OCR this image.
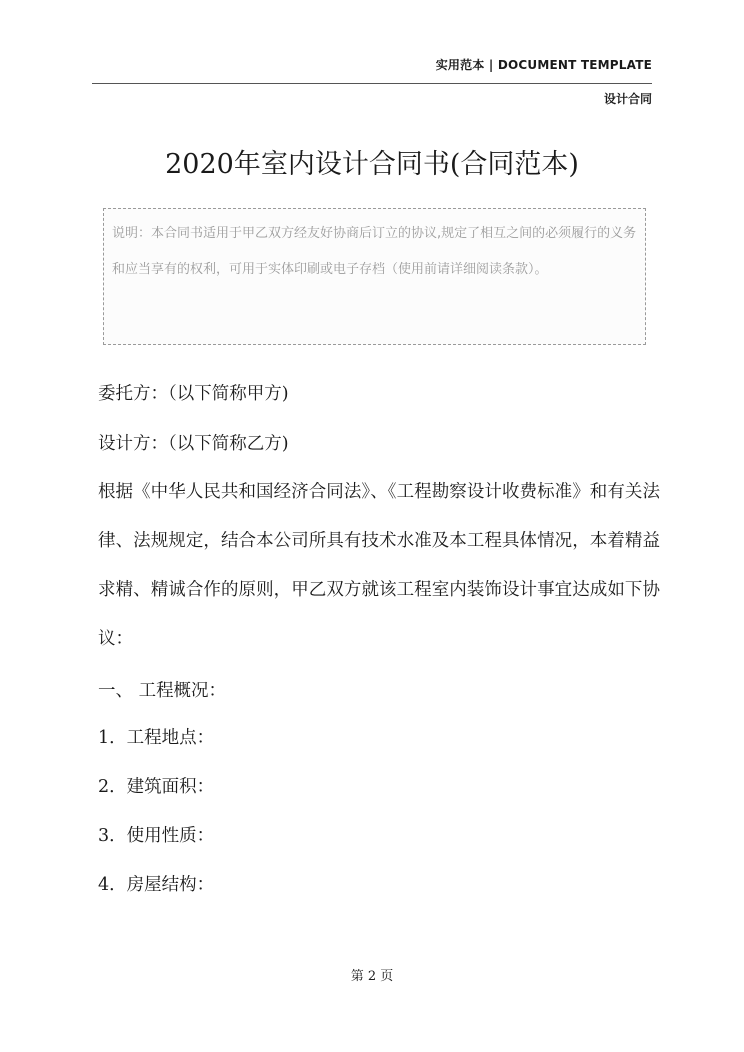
实用范本 | DOCUMENT TEMPLATE
设计合同
2020年室内设计合同书(合同范本)

说明：本合同书适用于甲乙双方经友好协商后订立的协议,规定了相互之间的必须履行的义务和应当享有的权利，可用于实体印刷或电子存档（使用前请详细阅读条款）。

委托方：（以下简称甲方)

设计方：（以下简称乙方)

根据《中华人民共和国经济合同法》、《工程勘察设计收费标准》和有关法律、法规规定，结合本公司所具有技术水准及本工程具体情况，本着精益求精、精诚合作的原则，甲乙双方就该工程室内装饰设计事宜达成如下协议：

一、 工程概况：

1．工程地点：

2．建筑面积：

3．使用性质：

4．房屋结构：

第 2 页
